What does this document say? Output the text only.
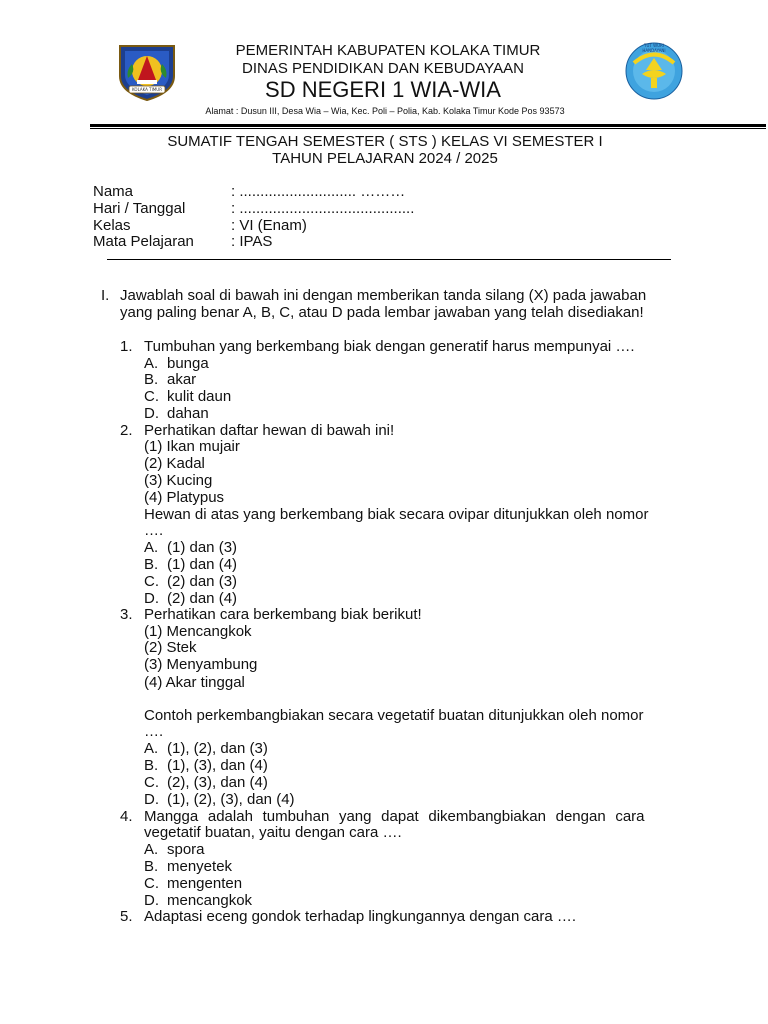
KOLAKA TIMUR
TUT WURI HANDAYANI
PEMERINTAH KABUPATEN KOLAKA TIMUR
DINAS PENDIDIKAN DAN KEBUDAYAAN
SD NEGERI 1 WIA-WIA
Alamat : Dusun III, Desa Wia – Wia, Kec. Poli – Polia, Kab. Kolaka Timur Kode Pos 93573
SUMATIF TENGAH SEMESTER ( STS ) KELAS VI SEMESTER I
TAHUN PELAJARAN 2024 / 2025
Nama	: ............................ ………
Hari / Tanggal	: ..........................................
Kelas	: VI (Enam)
Mata Pelajaran : IPAS
I. Jawablah soal di bawah ini dengan memberikan tanda silang (X) pada jawaban
yang paling benar A, B, C, atau D pada lembar jawaban yang telah disediakan!
1. Tumbuhan yang berkembang biak dengan generatif harus mempunyai ….
A. bunga
B. akar
C. kulit daun
D. dahan
2. Perhatikan daftar hewan di bawah ini!
(1) Ikan mujair
(2) Kadal
(3) Kucing
(4) Platypus
Hewan di atas yang berkembang biak secara ovipar ditunjukkan oleh nomor
….
A. (1) dan (3)
B. (1) dan (4)
C. (2) dan (3)
D. (2) dan (4)
3. Perhatikan cara berkembang biak berikut!
(1) Mencangkok
(2) Stek
(3) Menyambung
(4) Akar tinggal
Contoh perkembangbiakan secara vegetatif buatan ditunjukkan oleh nomor
….
A. (1), (2), dan (3)
B. (1), (3), dan (4)
C. (2), (3), dan (4)
D. (1), (2), (3), dan (4)
4. Mangga adalah tumbuhan yang dapat dikembangbiakan dengan cara
vegetatif buatan, yaitu dengan cara ….
A. spora
B. menyetek
C. mengenten
D. mencangkok
5. Adaptasi eceng gondok terhadap lingkungannya dengan cara ….
